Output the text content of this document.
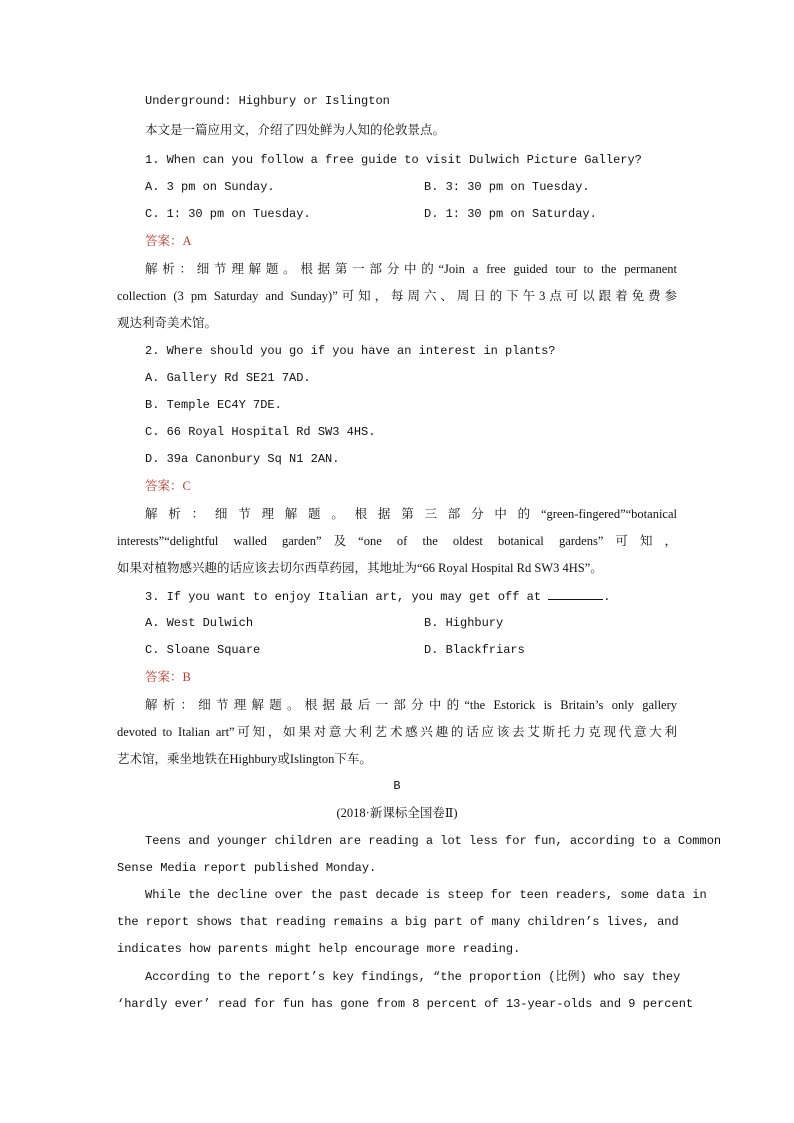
Underground: Highbury or Islington
本文是一篇应用文，介绍了四处鲜为人知的伦敦景点。
1. When can you follow a free guide to visit Dulwich Picture Gallery?
A. 3 pm on Sunday.	B. 3: 30 pm on Tuesday.
C. 1: 30 pm on Tuesday.	D. 1: 30 pm on Saturday.
答案：A
解析：细节理解题。根据第一部分中的“Join a free guided tour to the permanent
collection (3 pm Saturday and Sunday)”可知，每周六、周日的下午3点可以跟着免费参
观达利奇美术馆。
2. Where should you go if you have an interest in plants?
A. Gallery Rd SE21 7AD.
B. Temple EC4Y 7DE.
C. 66 Royal Hospital Rd SW3 4HS.
D. 39a Canonbury Sq N1 2AN.
答案：C
解析：细节理解题。根据第三部分中的“green-fingered”“botanical
interests”“delightful walled garden”及“one of the oldest botanical gardens”可知，
如果对植物感兴趣的话应该去切尔西草药园，其地址为“66 Royal Hospital Rd SW3 4HS”。
3. If you want to enjoy Italian art, you may get off at	.
A. West Dulwich	B. Highbury
C. Sloane Square	D. Blackfriars
答案：B
解析：细节理解题。根据最后一部分中的“the Estorick is Britain’s only gallery
devoted to Italian art”可知，如果对意大利艺术感兴趣的话应该去艾斯托力克现代意大利
艺术馆，乘坐地铁在Highbury或Islington下车。
B
(2018·新课标全国卷Ⅱ)
Teens and younger children are reading a lot less for fun, according to a Common
Sense Media report published Monday.
While the decline over the past decade is steep for teen readers, some data in
the report shows that reading remains a big part of many children’s lives, and
indicates how parents might help encourage more reading.
According to the report’s key findings, “the proportion (比例) who say they
‘hardly ever’ read for fun has gone from 8 percent of 13-year-olds and 9 percent
